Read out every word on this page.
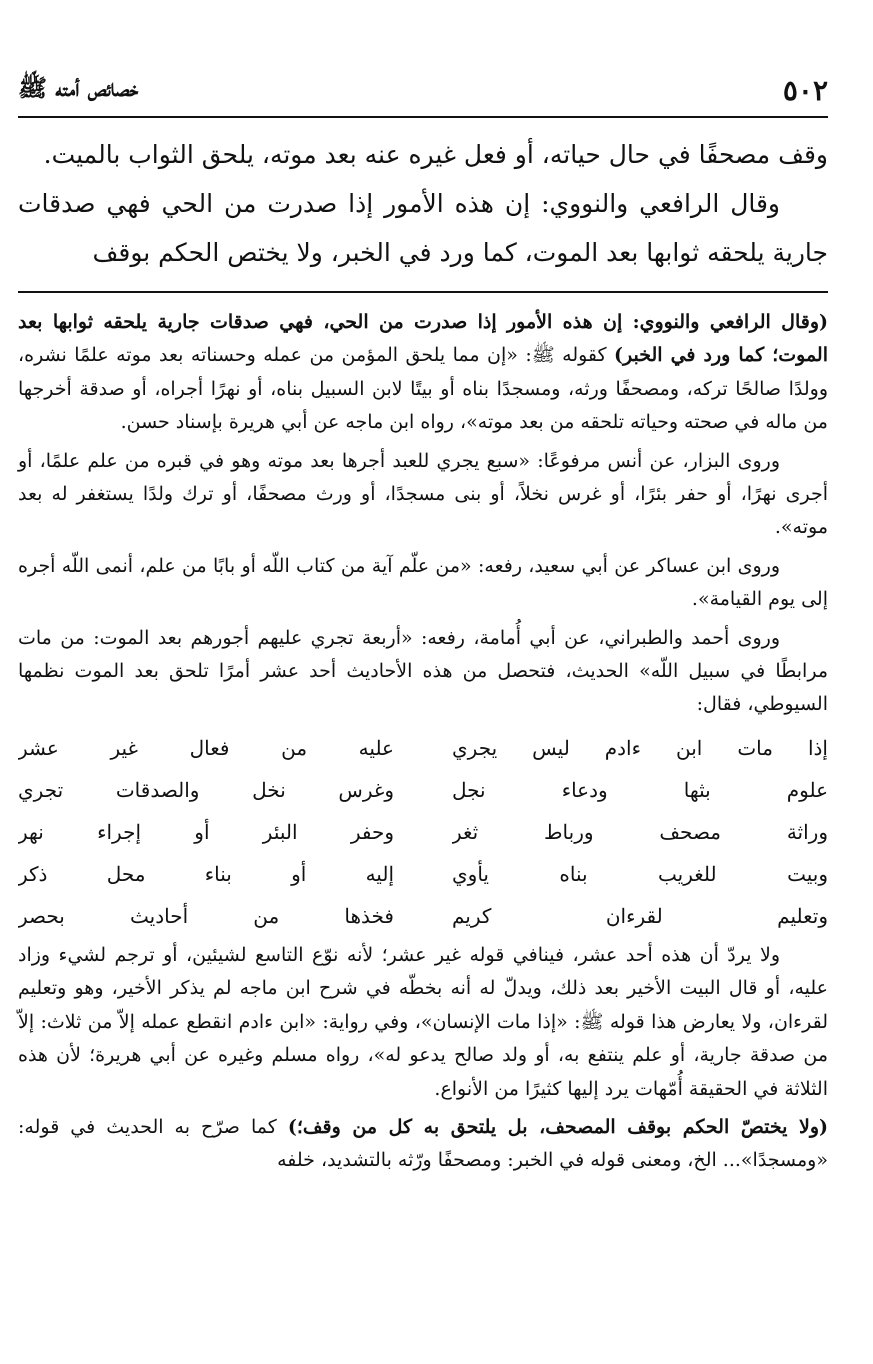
خصائص أمته ﷺ	٥٠٢

وقف مصحفًا في حال حياته، أو فعل غيره عنه بعد موته، يلحق الثواب بالميت.

وقال الرافعي والنووي: إن هذه الأمور إذا صدرت من الحي فهي صدقات جارية يلحقه ثوابها بعد الموت، كما ورد في الخبر، ولا يختص الحكم بوقف

(وقال الرافعي والنووي: إن هذه الأمور إذا صدرت من الحي، فهي صدقات جارية يلحقه ثوابها بعد الموت؛ كما ورد في الخبر) كقوله ﷺ: «إن مما يلحق المؤمن من عمله وحسناته بعد موته علمًا نشره، وولدًا صالحًا تركه، ومصحفًا ورثه، ومسجدًا بناه أو بيتًا لابن السبيل بناه، أو نهرًا أجراه، أو صدقة أخرجها من ماله في صحته وحياته تلحقه من بعد موته»، رواه ابن ماجه عن أبي هريرة بإسناد حسن.

وروى البزار، عن أنس مرفوعًا: «سبع يجري للعبد أجرها بعد موته وهو في قبره من علم علمًا، أو أجرى نهرًا، أو حفر بئرًا، أو غرس نخلاً، أو بنى مسجدًا، أو ورث مصحفًا، أو ترك ولدًا يستغفر له بعد موته».

وروى ابن عساكر عن أبي سعيد، رفعه: «من علّم آية من كتاب اللّه أو بابًا من علم، أنمى اللّه أجره إلى يوم القيامة».

وروى أحمد والطبراني، عن أبي أُمامة، رفعه: «أربعة تجري عليهم أجورهم بعد الموت: من مات مرابطًا في سبيل اللّه» الحديث، فتحصل من هذه الأحاديث أحد عشر أمرًا تلحق بعد الموت نظمها السيوطي، فقال:

إذا مات ابن ءادم ليس يجري
عليه من فعال غير عشر
علوم بثها ودعاء نجل
وغرس نخل والصدقات تجري
وراثة مصحف ورباط ثغر
وحفر البئر أو إجراء نهر
وبيت للغريب بناه يأوي
إليه أو بناء محل ذكر
وتعليم لقرءان كريم
فخذها من أحاديث بحصر

ولا يردّ أن هذه أحد عشر، فينافي قوله غير عشر؛ لأنه نوّع التاسع لشيئين، أو ترجم لشيء وزاد عليه، أو قال البيت الأخير بعد ذلك، ويدلّ له أنه بخطّه في شرح ابن ماجه لم يذكر الأخير، وهو وتعليم لقرءان، ولا يعارض هذا قوله ﷺ: «إذا مات الإنسان»، وفي رواية: «ابن ءادم انقطع عمله إلاّ من ثلاث: إلاّ من صدقة جارية، أو علم ينتفع به، أو ولد صالح يدعو له»، رواه مسلم وغيره عن أبي هريرة؛ لأن هذه الثلاثة في الحقيقة أُمّهات يرد إليها كثيرًا من الأنواع.

(ولا يختصّ الحكم بوقف المصحف، بل يلتحق به كل من وقف؛) كما صرّح به الحديث في قوله: «ومسجدًا»... الخ، ومعنى قوله في الخبر: ومصحفًا ورّثه بالتشديد، خلفه
